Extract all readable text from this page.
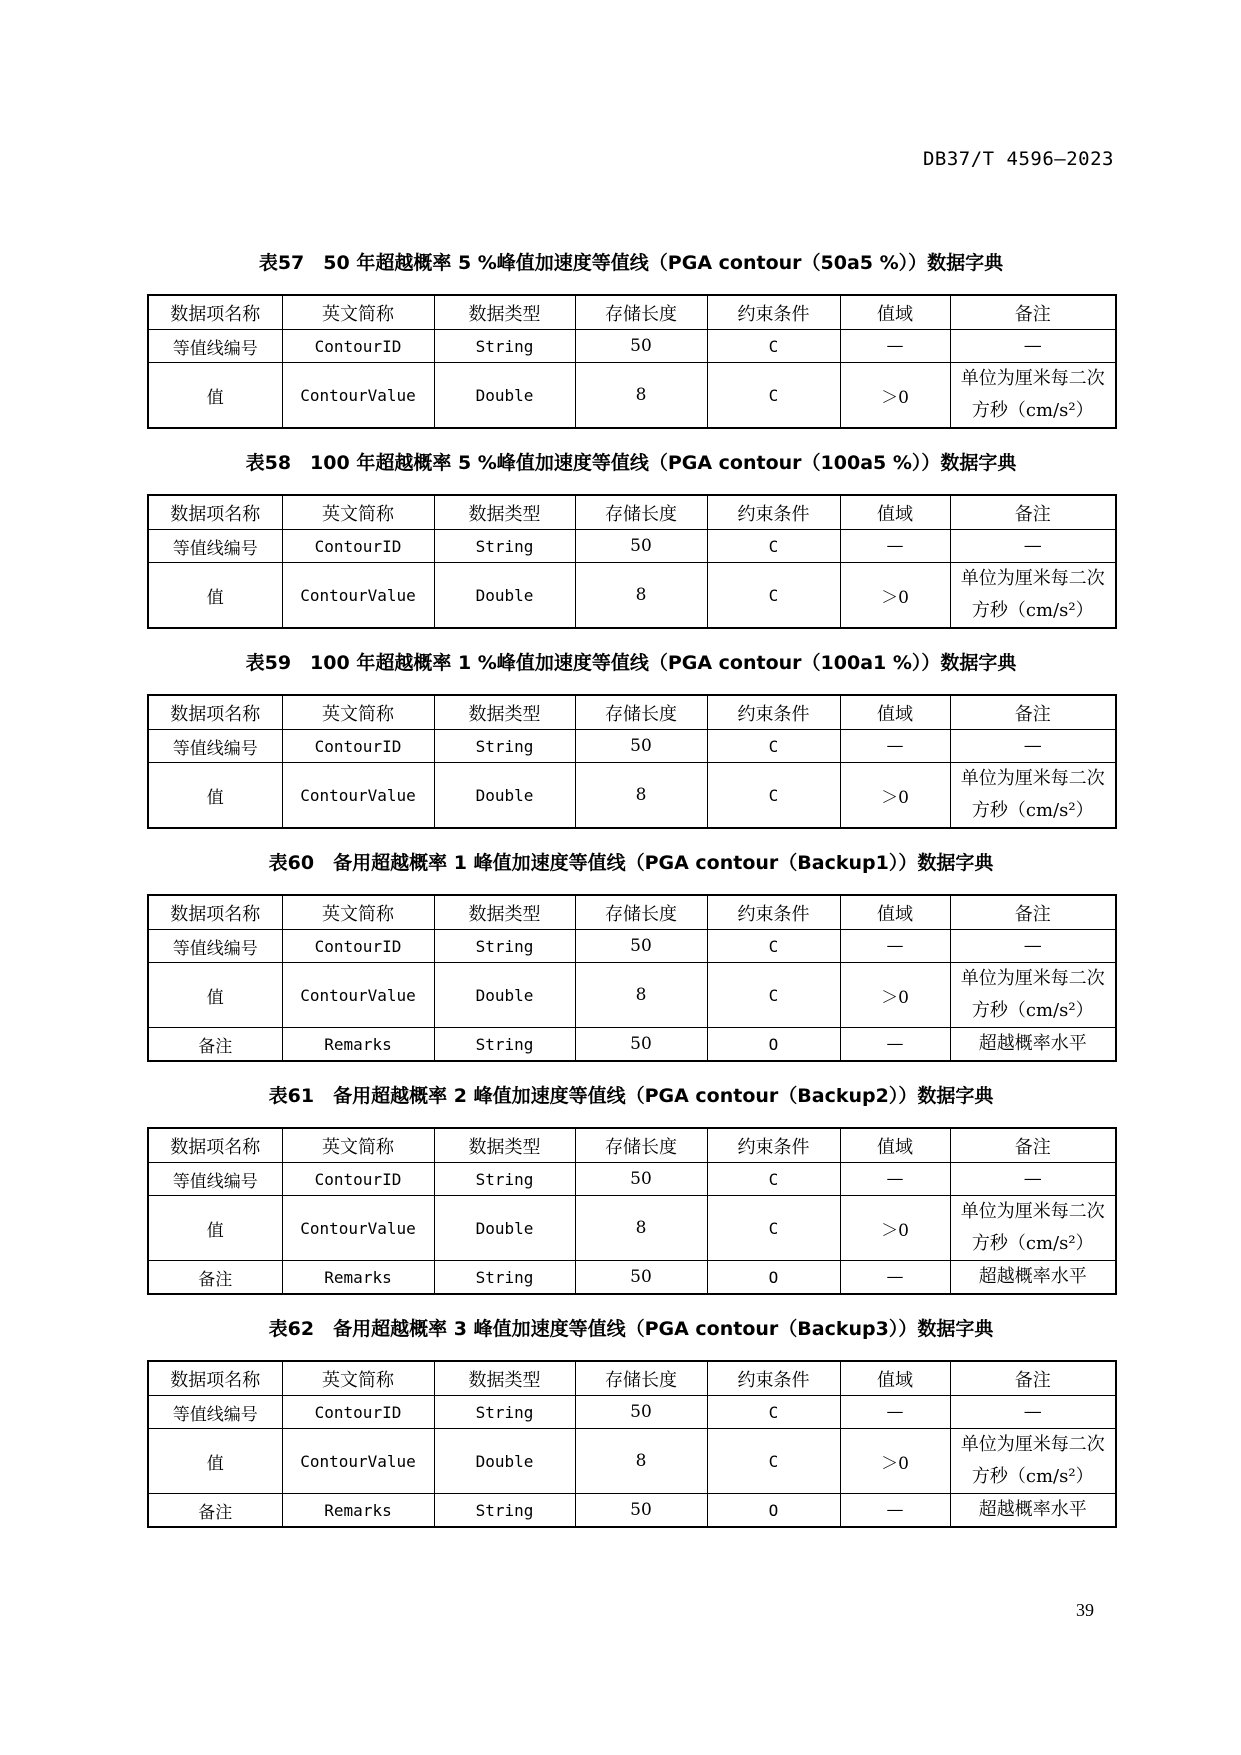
DB37/T 4596—2023
表57　50 年超越概率 5 %峰值加速度等值线（PGA contour（50a5 %））数据字典
数据项名称	英文简称	数据类型	存储长度	约束条件	值域	备注
等值线编号	ContourID	String	50	C	—	—
值	ContourValue	Double	8	C	＞0	单位为厘米每二次方秒（cm/s²）
表58　100 年超越概率 5 %峰值加速度等值线（PGA contour（100a5 %））数据字典
数据项名称	英文简称	数据类型	存储长度	约束条件	值域	备注
等值线编号	ContourID	String	50	C	—	—
值	ContourValue	Double	8	C	＞0	单位为厘米每二次方秒（cm/s²）
表59　100 年超越概率 1 %峰值加速度等值线（PGA contour（100a1 %））数据字典
数据项名称	英文简称	数据类型	存储长度	约束条件	值域	备注
等值线编号	ContourID	String	50	C	—	—
值	ContourValue	Double	8	C	＞0	单位为厘米每二次方秒（cm/s²）
表60　备用超越概率 1 峰值加速度等值线（PGA contour（Backup1））数据字典
数据项名称	英文简称	数据类型	存储长度	约束条件	值域	备注
等值线编号	ContourID	String	50	C	—	—
值	ContourValue	Double	8	C	＞0	单位为厘米每二次方秒（cm/s²）
备注	Remarks	String	50	O	—	超越概率水平
表61　备用超越概率 2 峰值加速度等值线（PGA contour（Backup2））数据字典
数据项名称	英文简称	数据类型	存储长度	约束条件	值域	备注
等值线编号	ContourID	String	50	C	—	—
值	ContourValue	Double	8	C	＞0	单位为厘米每二次方秒（cm/s²）
备注	Remarks	String	50	O	—	超越概率水平
表62　备用超越概率 3 峰值加速度等值线（PGA contour（Backup3））数据字典
数据项名称	英文简称	数据类型	存储长度	约束条件	值域	备注
等值线编号	ContourID	String	50	C	—	—
值	ContourValue	Double	8	C	＞0	单位为厘米每二次方秒（cm/s²）
备注	Remarks	String	50	O	—	超越概率水平
39
